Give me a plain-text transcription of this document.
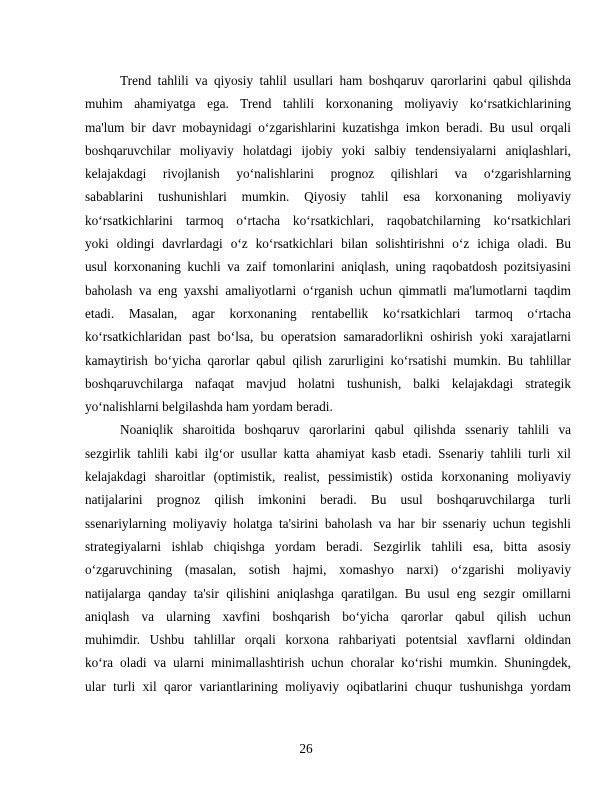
Trend tahlili va qiyosiy tahlil usullari ham boshqaruv qarorlarini qabul qilishda
muhim ahamiyatga ega. Trend tahlili korxonaning moliyaviy koʻrsatkichlarining
ma'lum bir davr mobaynidagi oʻzgarishlarini kuzatishga imkon beradi. Bu usul orqali
boshqaruvchilar moliyaviy holatdagi ijobiy yoki salbiy tendensiyalarni aniqlashlari,
kelajakdagi rivojlanish yoʻnalishlarini prognoz qilishlari va oʻzgarishlarning
sabablarini tushunishlari mumkin. Qiyosiy tahlil esa korxonaning moliyaviy
koʻrsatkichlarini tarmoq oʻrtacha koʻrsatkichlari, raqobatchilarning koʻrsatkichlari
yoki oldingi davrlardagi oʻz koʻrsatkichlari bilan solishtirishni oʻz ichiga oladi. Bu
usul korxonaning kuchli va zaif tomonlarini aniqlash, uning raqobatdosh pozitsiyasini
baholash va eng yaxshi amaliyotlarni oʻrganish uchun qimmatli ma'lumotlarni taqdim
etadi. Masalan, agar korxonaning rentabellik koʻrsatkichlari tarmoq oʻrtacha
koʻrsatkichlaridan past boʻlsa, bu operatsion samaradorlikni oshirish yoki xarajatlarni
kamaytirish boʻyicha qarorlar qabul qilish zarurligini koʻrsatishi mumkin. Bu tahlillar
boshqaruvchilarga nafaqat mavjud holatni tushunish, balki kelajakdagi strategik
yoʻnalishlarni belgilashda ham yordam beradi.
Noaniqlik sharoitida boshqaruv qarorlarini qabul qilishda ssenariy tahlili va
sezgirlik tahlili kabi ilgʻor usullar katta ahamiyat kasb etadi. Ssenariy tahlili turli xil
kelajakdagi sharoitlar (optimistik, realist, pessimistik) ostida korxonaning moliyaviy
natijalarini prognoz qilish imkonini beradi. Bu usul boshqaruvchilarga turli
ssenariylarning moliyaviy holatga ta'sirini baholash va har bir ssenariy uchun tegishli
strategiyalarni ishlab chiqishga yordam beradi. Sezgirlik tahlili esa, bitta asosiy
oʻzgaruvchining (masalan, sotish hajmi, xomashyo narxi) oʻzgarishi moliyaviy
natijalarga qanday ta'sir qilishini aniqlashga qaratilgan. Bu usul eng sezgir omillarni
aniqlash va ularning xavfini boshqarish boʻyicha qarorlar qabul qilish uchun
muhimdir. Ushbu tahlillar orqali korxona rahbariyati potentsial xavflarni oldindan
koʻra oladi va ularni minimallashtirish uchun choralar koʻrishi mumkin. Shuningdek,
ular turli xil qaror variantlarining moliyaviy oqibatlarini chuqur tushunishga yordam
26
